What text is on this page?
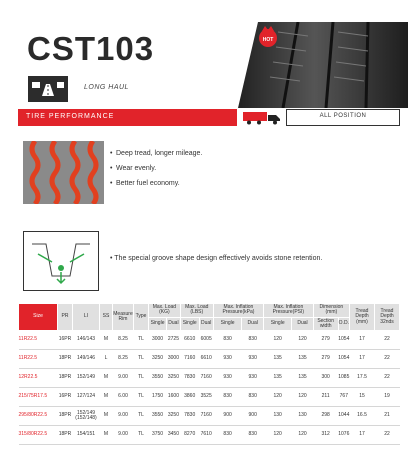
CST103	HOT
LONG HAUL
TIRE PERFORMANCE	ALL POSITION
• Deep tread, longer mileage.
• Wear evenly.
• Better fuel economy.
• The special groove shape design effectively avoids stone retention.
Size	PR	LI	SS	Measure Rim	Type	Max. Load (KG)		Max. Load (LBS)		Max. Inflation Pressure(kPa)		Max. Inflation Pressure(PSI)		Dimension (mm)		Tread Depth (mm)	Tread Depth 32nds
						Single	Dual	Single	Dual	Single	Dual	Single	Dual	Section width	O.D.		
11R22.5	16PR	146/143	M	8.25	TL	3000	2725	6610	6005	830	830	120	120	279	1054	17	22
11R22.5	18PR	149/146	L	8.25	TL	3250	3000	7160	6610	930	930	135	135	279	1054	17	22
12R22.5	18PR	152/149	M	9.00	TL	3550	3250	7830	7160	930	930	135	135	300	1085	17.5	22
215/75R17.5	16PR	127/124	M	6.00	TL	1750	1600	3860	3525	830	830	120	120	211	767	15	19
295/80R22.5	18PR	152/149 (152/148)	M	9.00	TL	3550	3250	7830	7160	900	900	130	130	298	1044	16.5	21
315/80R22.5	18PR	154/151	M	9.00	TL	3750	3450	8270	7610	830	830	120	120	312	1076	17	22
